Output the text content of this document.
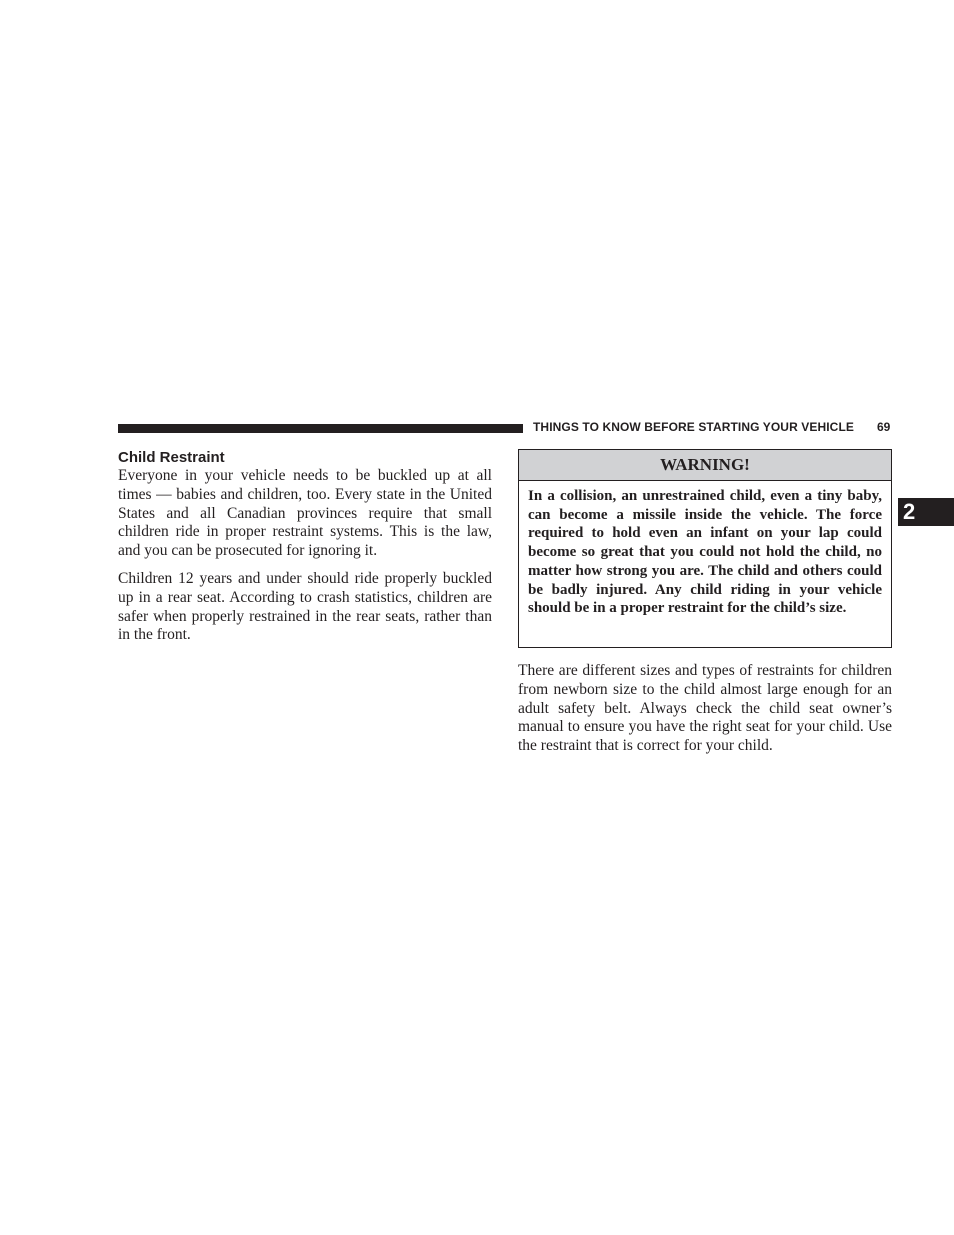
THINGS TO KNOW BEFORE STARTING YOUR VEHICLE 69
2
Child Restraint

Everyone in your vehicle needs to be buckled up at all times — babies and children, too. Every state in the United States and all Canadian provinces require that small children ride in proper restraint systems. This is the law, and you can be prosecuted for ignoring it.

Children 12 years and under should ride properly buckled up in a rear seat. According to crash statistics, children are safer when properly restrained in the rear seats, rather than in the front.

WARNING!

In a collision, an unrestrained child, even a tiny baby, can become a missile inside the vehicle. The force required to hold even an infant on your lap could become so great that you could not hold the child, no matter how strong you are. The child and others could be badly injured. Any child riding in your vehicle should be in a proper restraint for the child’s size.

There are different sizes and types of restraints for children from newborn size to the child almost large enough for an adult safety belt. Always check the child seat owner’s manual to ensure you have the right seat for your child. Use the restraint that is correct for your child.
